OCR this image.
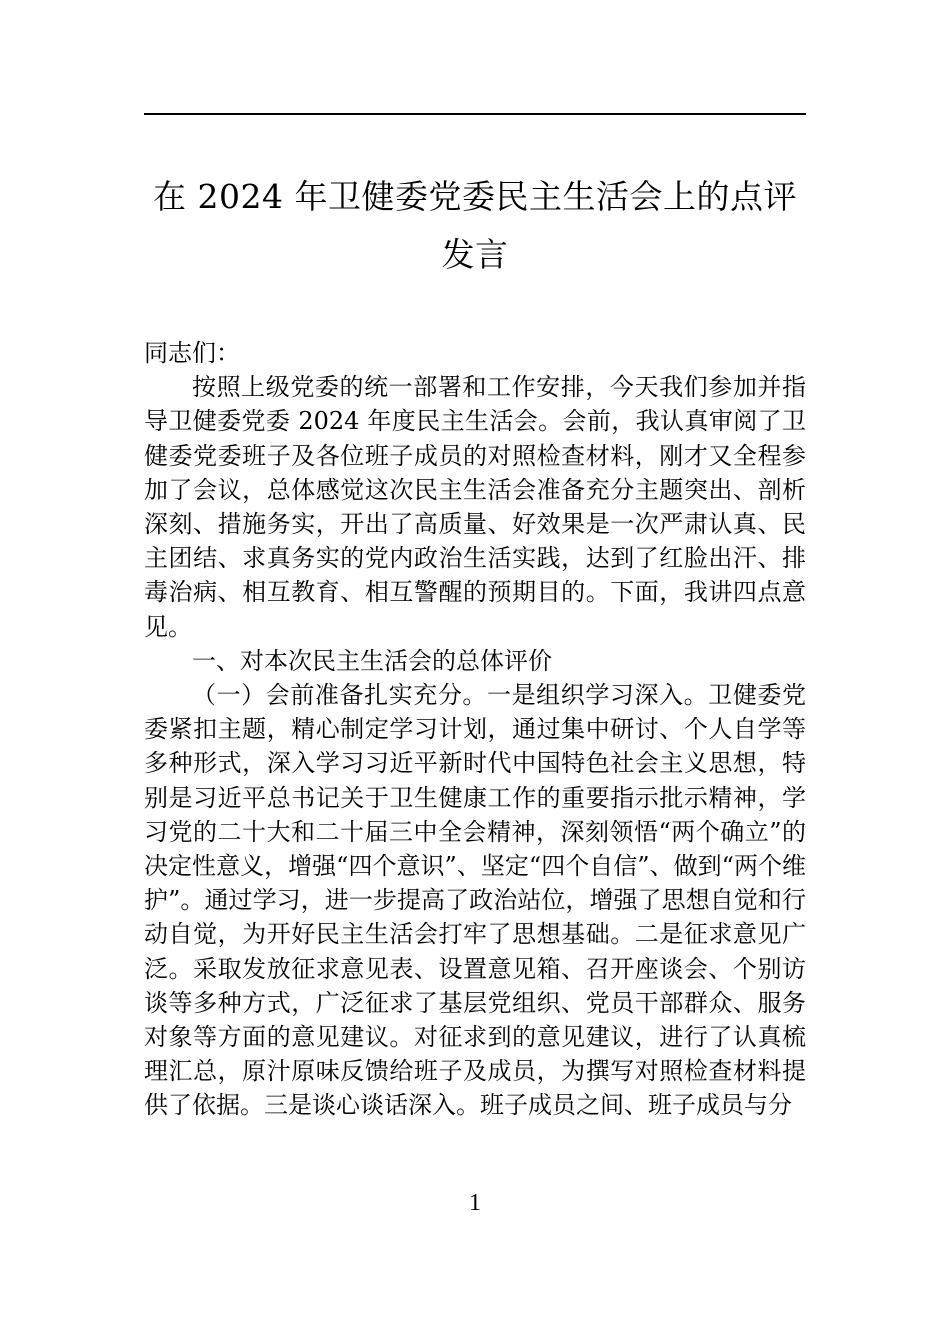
在 2024 年卫健委党委民主生活会上的点评
发言

同志们：

按照上级党委的统一部署和工作安排，今天我们参加并指导卫健委党委 2024 年度民主生活会。会前，我认真审阅了卫健委党委班子及各位班子成员的对照检查材料，刚才又全程参加了会议，总体感觉这次民主生活会准备充分主题突出、剖析深刻、措施务实，开出了高质量、好效果是一次严肃认真、民主团结、求真务实的党内政治生活实践，达到了红脸出汗、排毒治病、相互教育、相互警醒的预期目的。下面，我讲四点意见。

一、对本次民主生活会的总体评价

（一）会前准备扎实充分。一是组织学习深入。卫健委党委紧扣主题，精心制定学习计划，通过集中研讨、个人自学等多种形式，深入学习习近平新时代中国特色社会主义思想，特别是习近平总书记关于卫生健康工作的重要指示批示精神，学习党的二十大和二十届三中全会精神，深刻领悟“两个确立”的决定性意义，增强“四个意识”、坚定“四个自信”、做到“两个维护”。通过学习，进一步提高了政治站位，增强了思想自觉和行动自觉，为开好民主生活会打牢了思想基础。二是征求意见广泛。采取发放征求意见表、设置意见箱、召开座谈会、个别访谈等多种方式，广泛征求了基层党组织、党员干部群众、服务对象等方面的意见建议。对征求到的意见建议，进行了认真梳理汇总，原汁原味反馈给班子及成员，为撰写对照检查材料提供了依据。三是谈心谈话深入。班子成员之间、班子成员与分

1
